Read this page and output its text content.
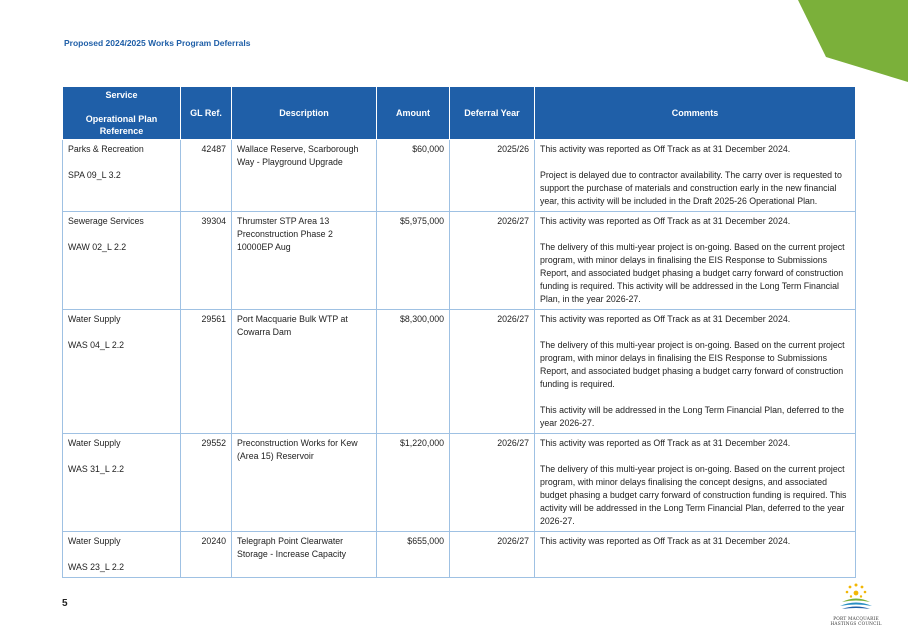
Proposed 2024/2025 Works Program Deferrals
Service
Operational Plan Reference	GL Ref.	Description	Amount	Deferral Year	Comments

Parks & Recreation
SPA 09_L 3.2	42487	Wallace Reserve, Scarborough Way - Playground Upgrade	$60,000	2025/26	This activity was reported as Off Track as at 31 December 2024.
Project is delayed due to contractor availability. The carry over is requested to support the purchase of materials and construction early in the new financial year, this activity will be included in the Draft 2025-26 Operational Plan.

Sewerage Services
WAW 02_L 2.2	39304	Thrumster STP Area 13 Preconstruction Phase 2 10000EP Aug	$5,975,000	2026/27	This activity was reported as Off Track as at 31 December 2024.
The delivery of this multi-year project is on-going. Based on the current project program, with minor delays in finalising the EIS Response to Submissions Report, and associated budget phasing a budget carry forward of construction funding is required. This activity will be addressed in the Long Term Financial Plan, in the year 2026-27.

Water Supply
WAS 04_L 2.2	29561	Port Macquarie Bulk WTP at Cowarra Dam	$8,300,000	2026/27	This activity was reported as Off Track as at 31 December 2024.
The delivery of this multi-year project is on-going. Based on the current project program, with minor delays in finalising the EIS Response to Submissions Report, and associated budget phasing a budget carry forward of construction funding is required.
This activity will be addressed in the Long Term Financial Plan, deferred to the year 2026-27.

Water Supply
WAS 31_L 2.2	29552	Preconstruction Works for Kew (Area 15) Reservoir	$1,220,000	2026/27	This activity was reported as Off Track as at 31 December 2024.
The delivery of this multi-year project is on-going. Based on the current project program, with minor delays finalising the concept designs, and associated budget phasing a budget carry forward of construction funding is required. This activity will be addressed in the Long Term Financial Plan, deferred to the year 2026-27.

Water Supply
WAS 23_L 2.2	20240	Telegraph Point Clearwater Storage - Increase Capacity	$655,000	2026/27	This activity was reported as Off Track as at 31 December 2024.
5
PORT MACQUARIE
HASTINGS COUNCIL
